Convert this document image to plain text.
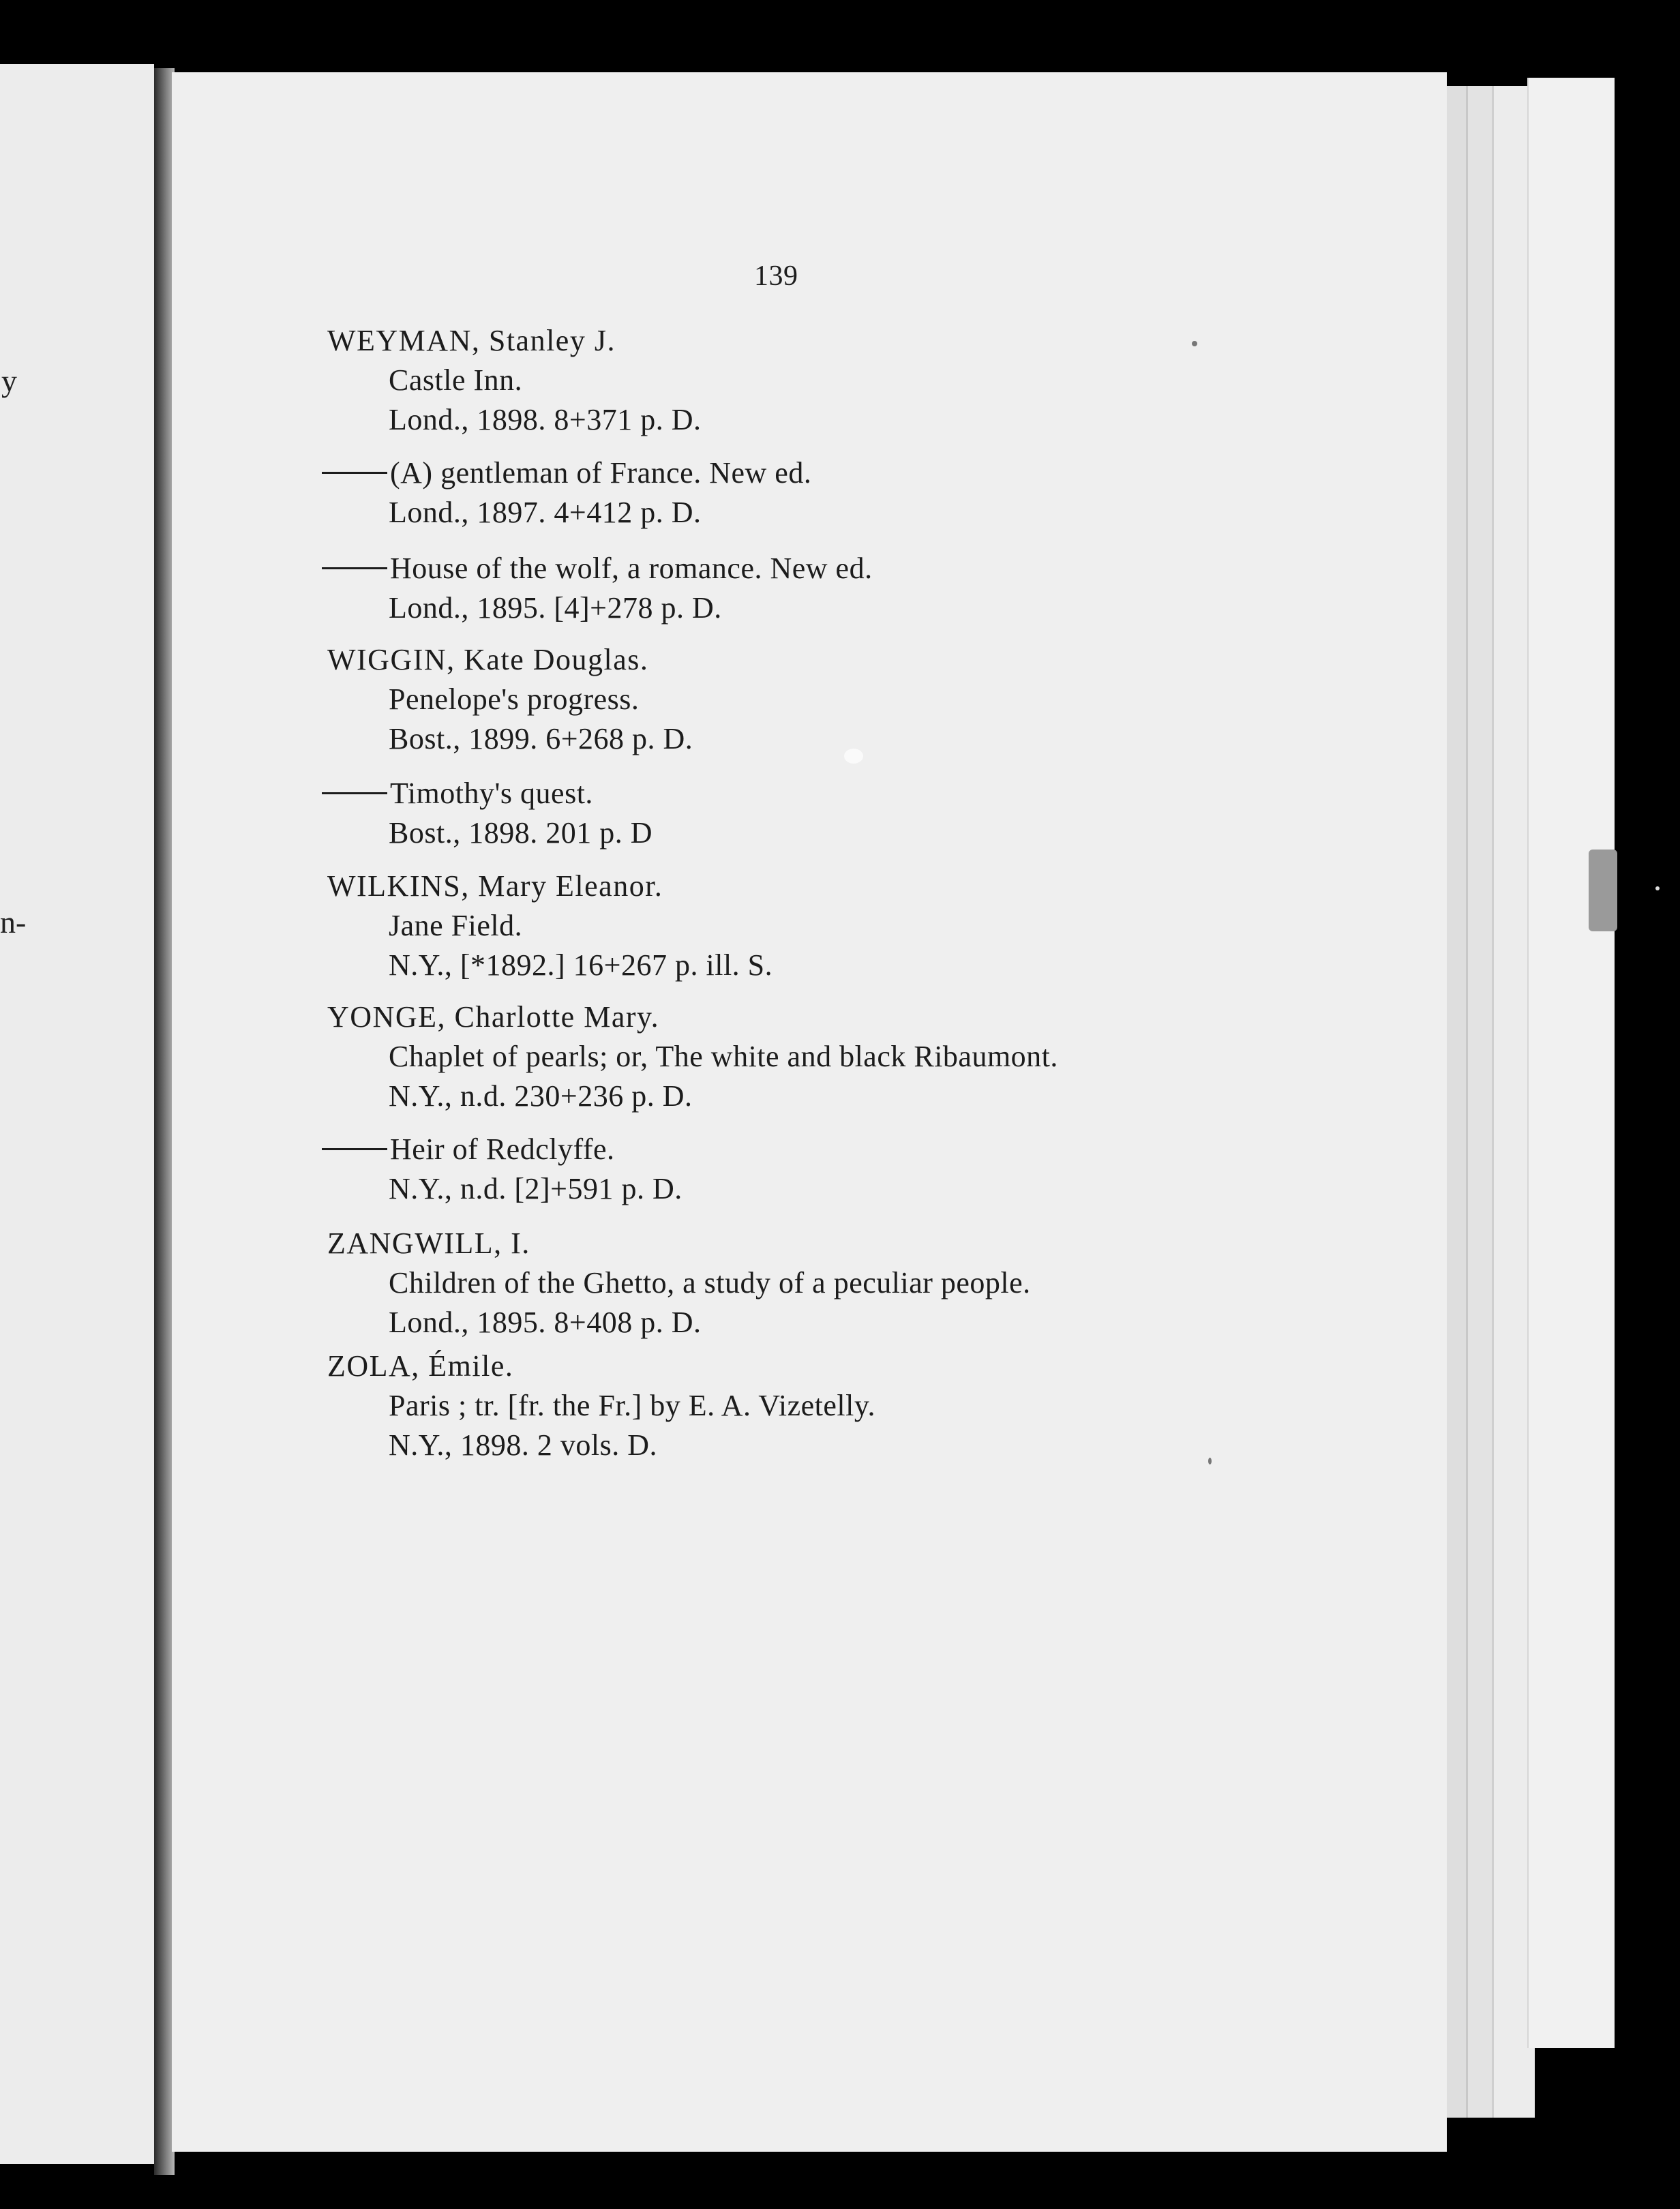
y
n-
139
WEYMAN, Stanley J.
Castle Inn.
Lond., 1898. 8+371 p. D.
(A) gentleman of France. New ed.
Lond., 1897. 4+412 p. D.
House of the wolf, a romance. New ed.
Lond., 1895. [4]+278 p. D.
WIGGIN, Kate Douglas.
Penelope's progress.
Bost., 1899. 6+268 p. D.
Timothy's quest.
Bost., 1898. 201 p. D
WILKINS, Mary Eleanor.
Jane Field.
N.Y., [*1892.] 16+267 p. ill. S.
YONGE, Charlotte Mary.
Chaplet of pearls; or, The white and black Ribaumont.
N.Y., n.d. 230+236 p. D.
Heir of Redclyffe.
N.Y., n.d. [2]+591 p. D.
ZANGWILL, I.
Children of the Ghetto, a study of a peculiar people.
Lond., 1895. 8+408 p. D.
ZOLA, Émile.
Paris ; tr. [fr. the Fr.] by E. A. Vizetelly.
N.Y., 1898. 2 vols. D.
